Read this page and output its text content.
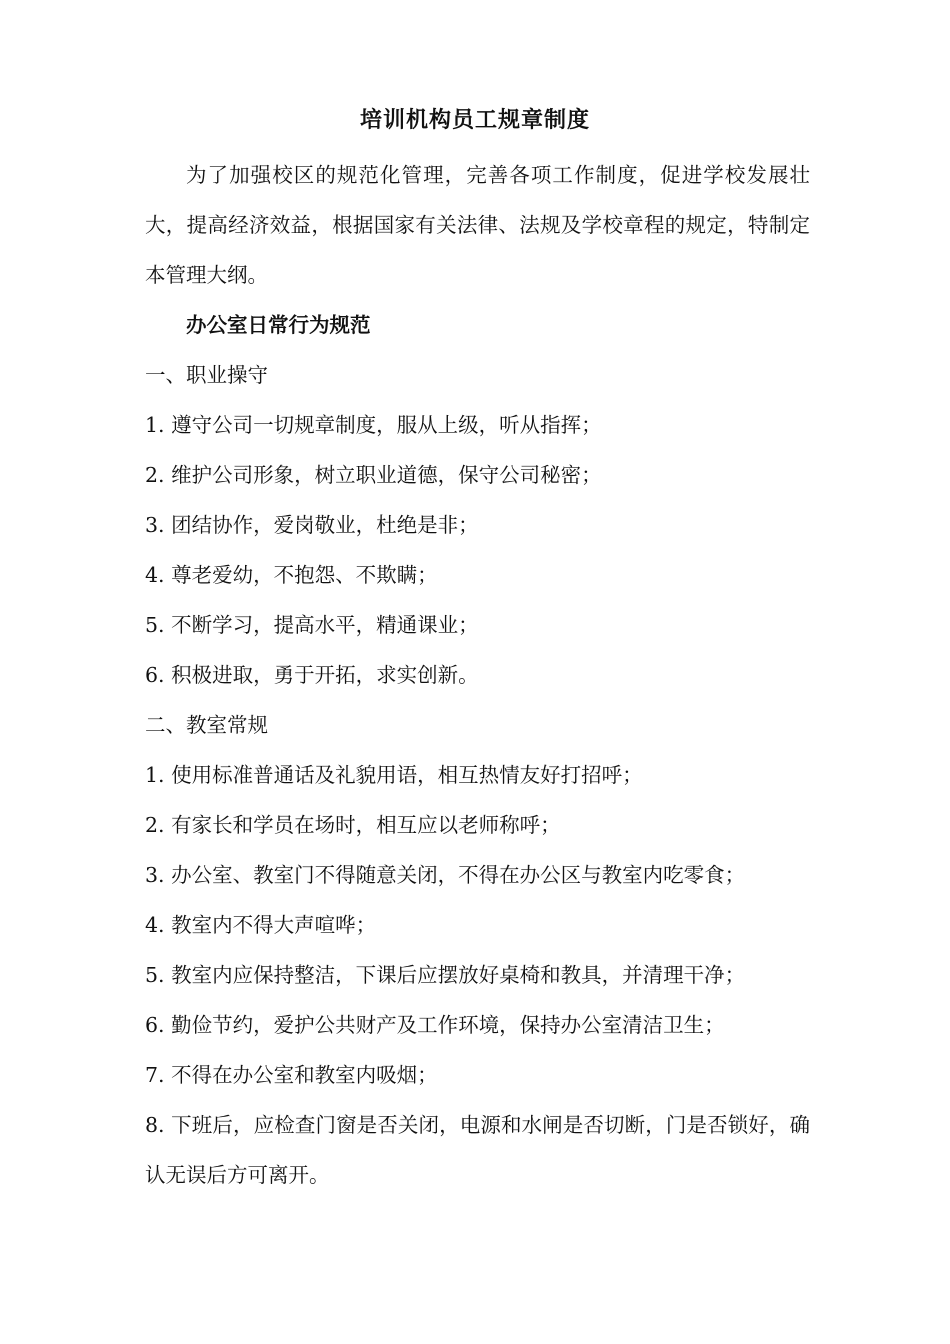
培训机构员工规章制度
为了加强校区的规范化管理，完善各项工作制度，促进学校发展壮大，提高经济效益，根据国家有关法律、法规及学校章程的规定，特制定本管理大纲。
办公室日常行为规范
一、职业操守
1. 遵守公司一切规章制度，服从上级，听从指挥；
2. 维护公司形象，树立职业道德，保守公司秘密；
3. 团结协作，爱岗敬业，杜绝是非；
4. 尊老爱幼，不抱怨、不欺瞒；
5. 不断学习，提高水平，精通课业；
6. 积极进取，勇于开拓，求实创新。
二、教室常规
1. 使用标准普通话及礼貌用语，相互热情友好打招呼；
2. 有家长和学员在场时，相互应以老师称呼；
3. 办公室、教室门不得随意关闭，不得在办公区与教室内吃零食；
4. 教室内不得大声喧哗；
5. 教室内应保持整洁，下课后应摆放好桌椅和教具，并清理干净；
6. 勤俭节约，爱护公共财产及工作环境，保持办公室清洁卫生；
7. 不得在办公室和教室内吸烟；
8. 下班后，应检查门窗是否关闭，电源和水闸是否切断，门是否锁好，确认无误后方可离开。
